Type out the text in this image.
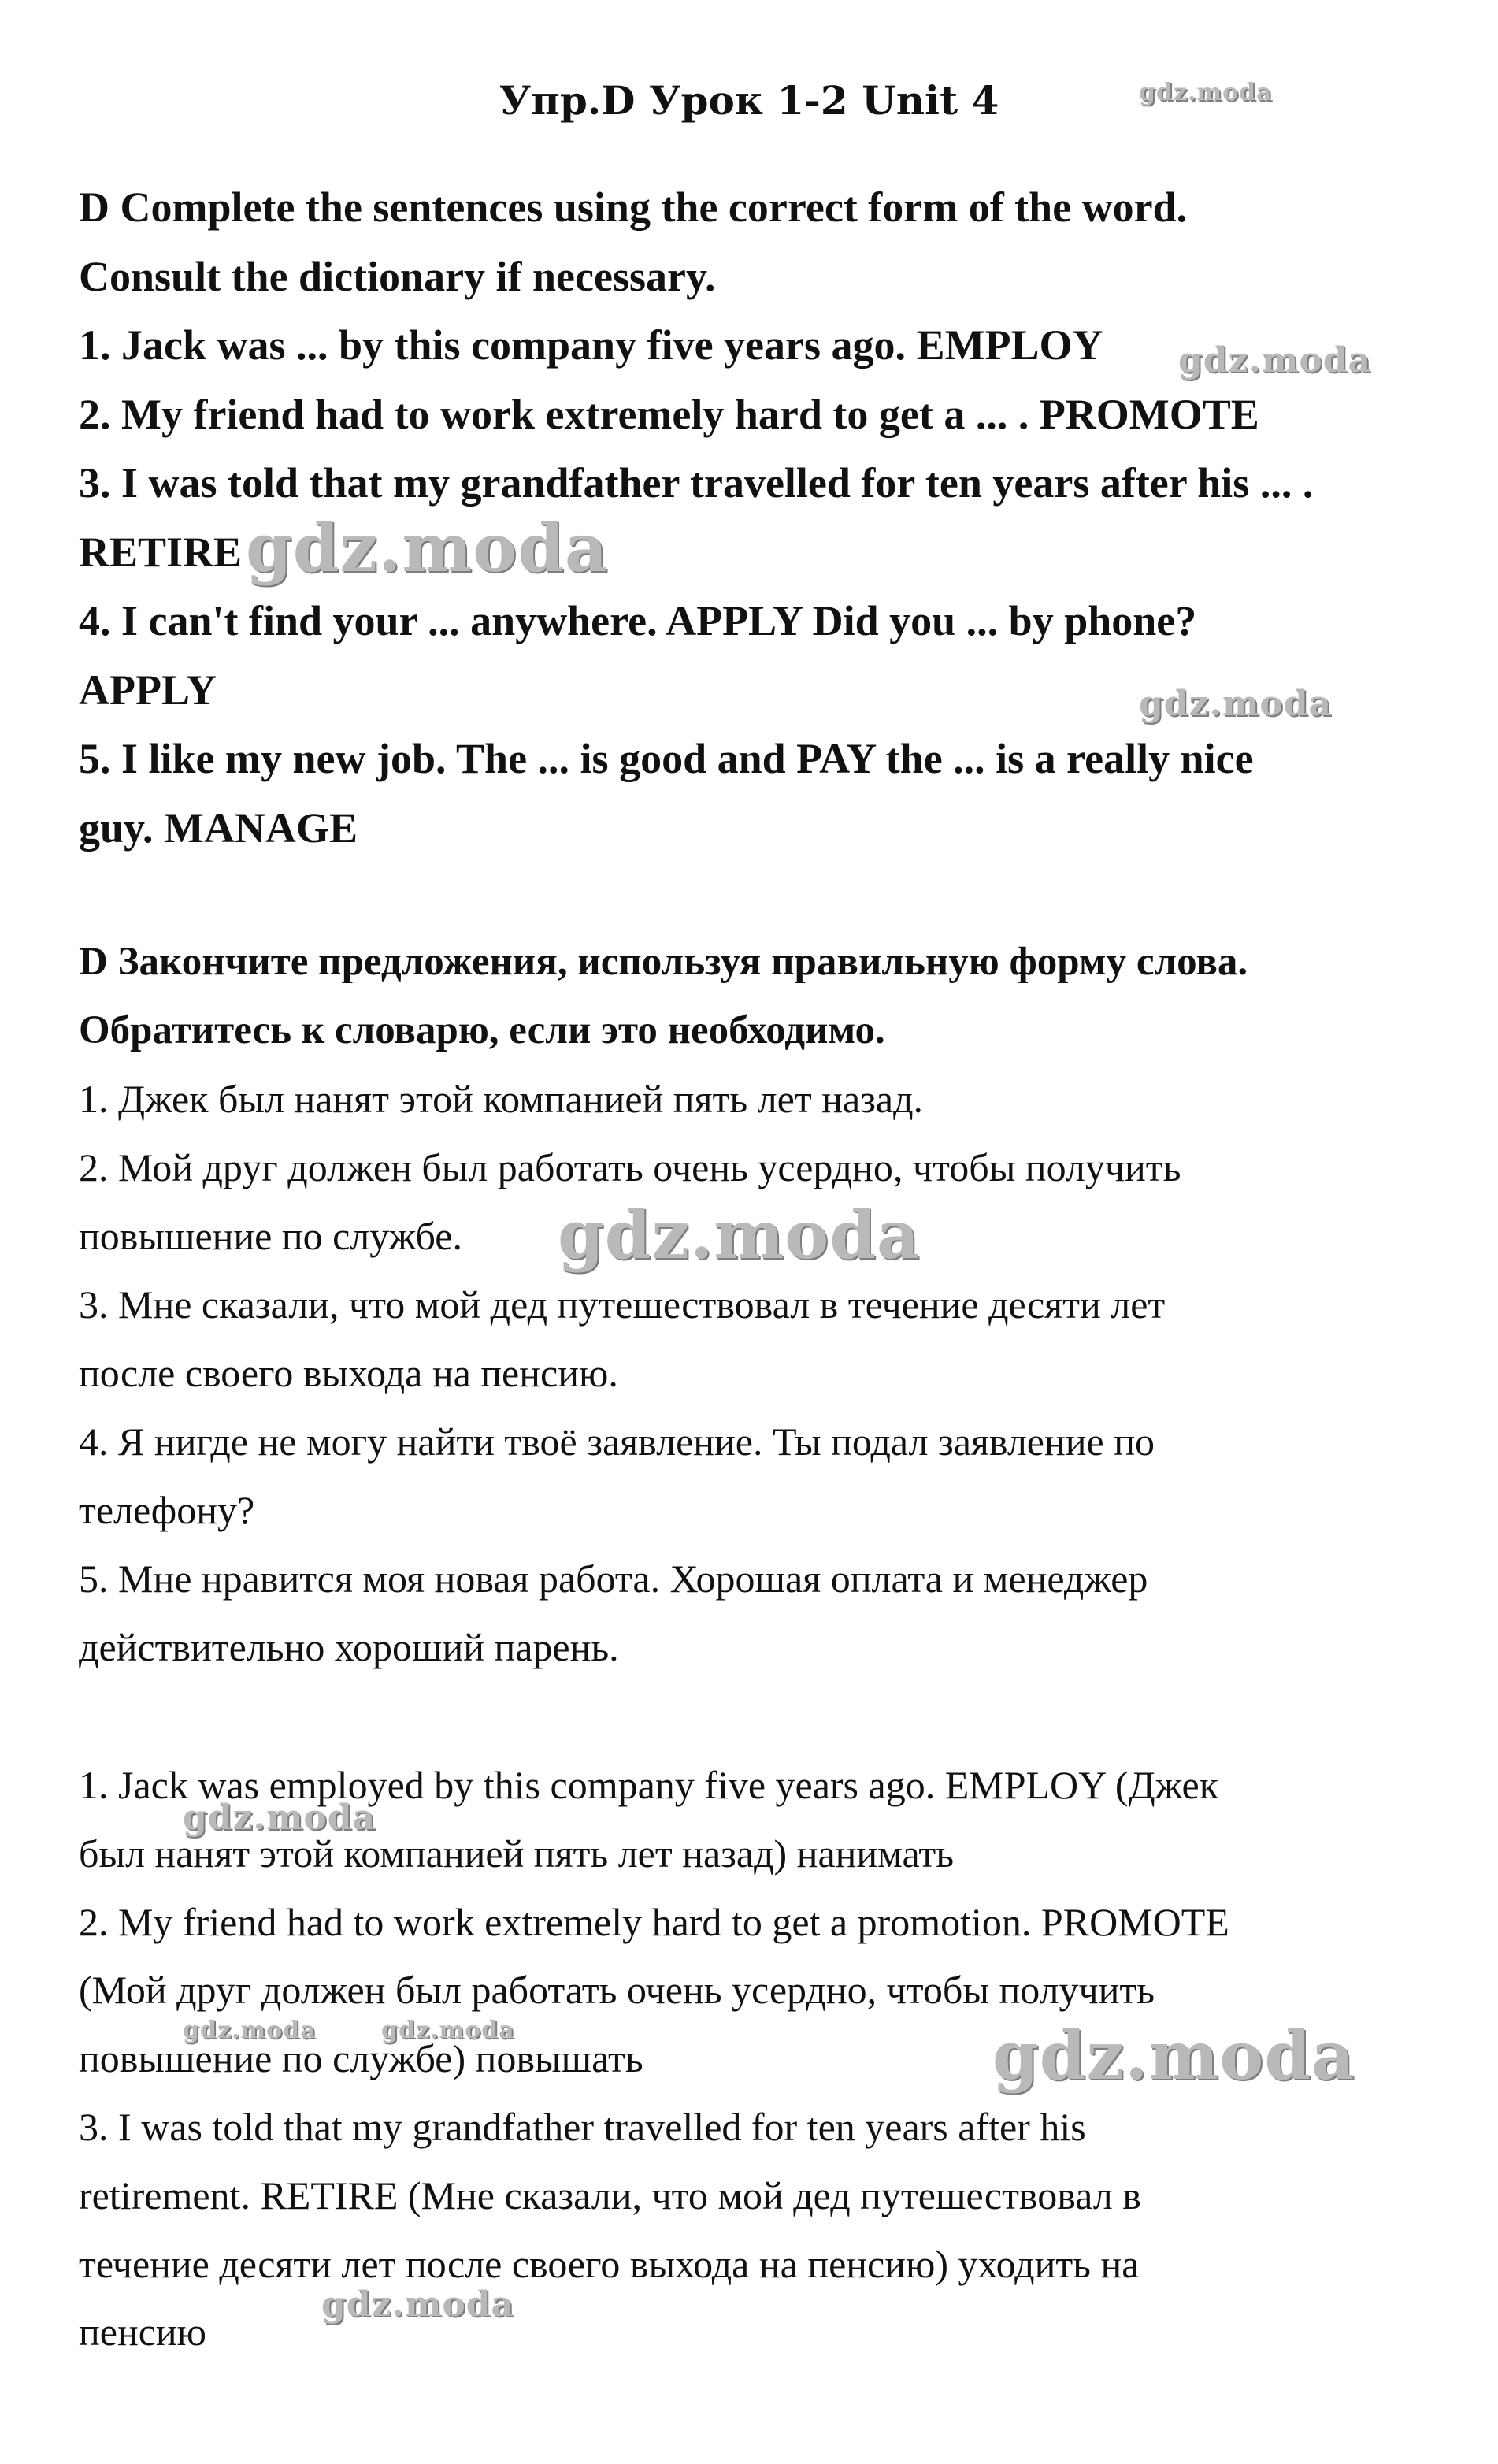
Упр.D Урок 1-2 Unit 4

D Complete the sentences using the correct form of the word.

Consult the dictionary if necessary.

1. Jack was ... by this company five years ago. EMPLOY

2. My friend had to work extremely hard to get a ... . PROMOTE

3. I was told that my grandfather travelled for ten years after his ... .

RETIRE

4. I can't find your ... anywhere. APPLY Did you ... by phone?

APPLY

5. I like my new job. The ... is good and PAY the ... is a really nice

guy. MANAGE

D Закончите предложения, используя правильную форму слова.

Обратитесь к словарю, если это необходимо.

1. Джек был нанят этой компанией пять лет назад.

2. Мой друг должен был работать очень усердно, чтобы получить

повышение по службе.

3. Мне сказали, что мой дед путешествовал в течение десяти лет

после своего выхода на пенсию.

4. Я нигде не могу найти твоё заявление. Ты подал заявление по

телефону?

5. Мне нравится моя новая работа. Хорошая оплата и менеджер

действительно хороший парень.

1. Jack was employed by this company five years ago. EMPLOY (Джек

был нанят этой компанией пять лет назад) нанимать

2. My friend had to work extremely hard to get a promotion. PROMOTE

(Мой друг должен был работать очень усердно, чтобы получить

повышение по службе) повышать

3. I was told that my grandfather travelled for ten years after his

retirement. RETIRE (Мне сказали, что мой дед путешествовал в

течение десяти лет после своего выхода на пенсию) уходить на

пенсию

gdz.moda
gdz.moda
gdz.moda
gdz.moda
gdz.moda
gdz.moda
gdz.moda	gdz.moda	gdz.moda
gdz.moda
